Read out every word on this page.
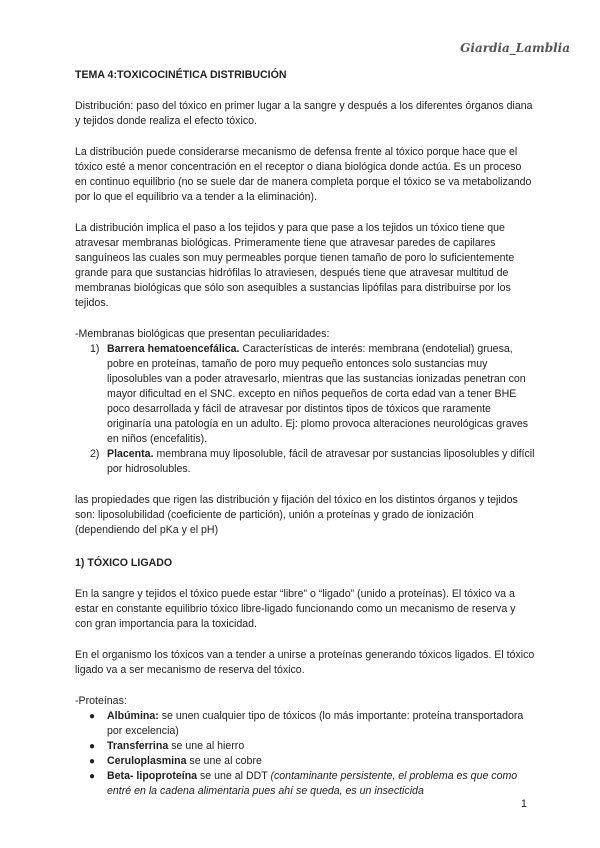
Giardia_Lamblia

TEMA 4:TOXICOCINÉTICA DISTRIBUCIÓN

Distribución: paso del tóxico en primer lugar a la sangre y después a los diferentes órganos diana y tejidos donde realiza el efecto tóxico.

La distribución puede considerarse mecanismo de defensa frente al tóxico porque hace que el tóxico esté a menor concentración en el receptor o diana biológica donde actúa. Es un proceso en continuo equilibrio (no se suele dar de manera completa porque el tóxico se va metabolizando por lo que el equilibrio va a tender a la eliminación).

La distribución implica el paso a los tejidos y para que pase a los tejidos un tóxico tiene que atravesar membranas biológicas. Primeramente tiene que atravesar paredes de capilares sanguíneos las cuales son muy permeables porque tienen tamaño de poro lo suficientemente grande para que sustancias hidrófilas lo atraviesen, después tiene que atravesar multitud de membranas biológicas que sólo son asequibles a sustancias lipófilas para distribuirse por los tejidos.

-Membranas biológicas que presentan peculiaridades:

1) Barrera hematoencefálica. Características de interés: membrana (endotelial) gruesa, pobre en proteínas, tamaño de poro muy pequeño entonces solo sustancias muy liposolubles van a poder atravesarlo, mientras que las sustancias ionizadas penetran con mayor dificultad en el SNC. excepto en niños pequeños de corta edad van a tener BHE poco desarrollada y fácil de atravesar por distintos tipos de tóxicos que raramente originaría una patología en un adulto. Ej: plomo provoca alteraciones neurológicas graves en niños (encefalitis).
2) Placenta. membrana muy liposoluble, fácil de atravesar por sustancias liposolubles y difícil por hidrosolubles.

las propiedades que rigen las distribución y fijación del tóxico en los distintos órganos y tejidos son: liposolubilidad (coeficiente de partición), unión a proteínas y grado de ionización (dependiendo del pKa y el pH)

1) TÓXICO LIGADO

En la sangre y tejidos el tóxico puede estar “libre” o “ligado” (unido a proteínas). El tóxico va a estar en constante equilibrio tóxico libre-ligado funcionando como un mecanismo de reserva y con gran importancia para la toxicidad.

En el organismo los tóxicos van a tender a unirse a proteínas generando tóxicos ligados. El tóxico ligado va a ser mecanismo de reserva del tóxico.

-Proteínas:

● Albúmina: se unen cualquier tipo de tóxicos (lo más importante: proteína transportadora por excelencia)
● Transferrina se une al hierro
● Ceruloplasmina se une al cobre
● Beta- lipoproteína se une al DDT (contaminante persistente, el problema es que como entré en la cadena alimentaria pues ahí se queda, es un insecticida
1
